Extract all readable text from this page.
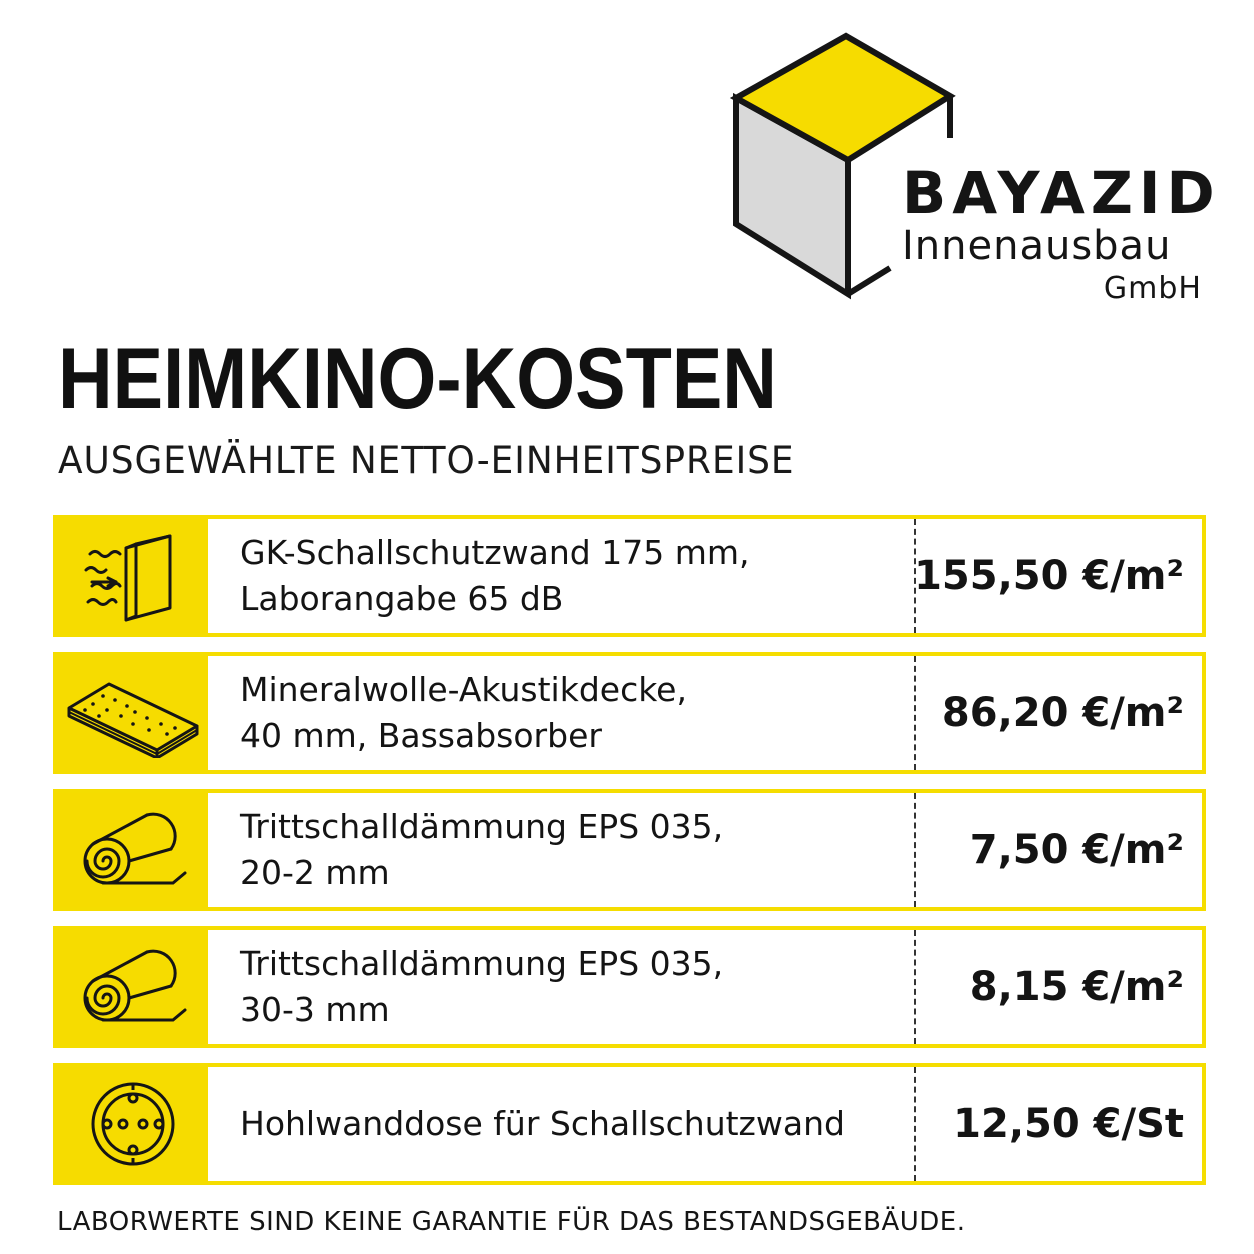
BAYAZID
Innenausbau
GmbH
HEIMKINO-KOSTEN
AUSGEWÄHLTE NETTO-EINHEITSPREISE
GK-Schallschutzwand 175 mm,
Laborangabe 65 dB	155,50 €/m²
Mineralwolle-Akustikdecke,
40 mm, Bassabsorber	86,20 €/m²
Trittschalldämmung EPS 035,
20-2 mm	7,50 €/m²
Trittschalldämmung EPS 035,
30-3 mm	8,15 €/m²
Hohlwanddose für Schallschutzwand	12,50 €/St
LABORWERTE SIND KEINE GARANTIE FÜR DAS BESTANDSGEBÄUDE.
